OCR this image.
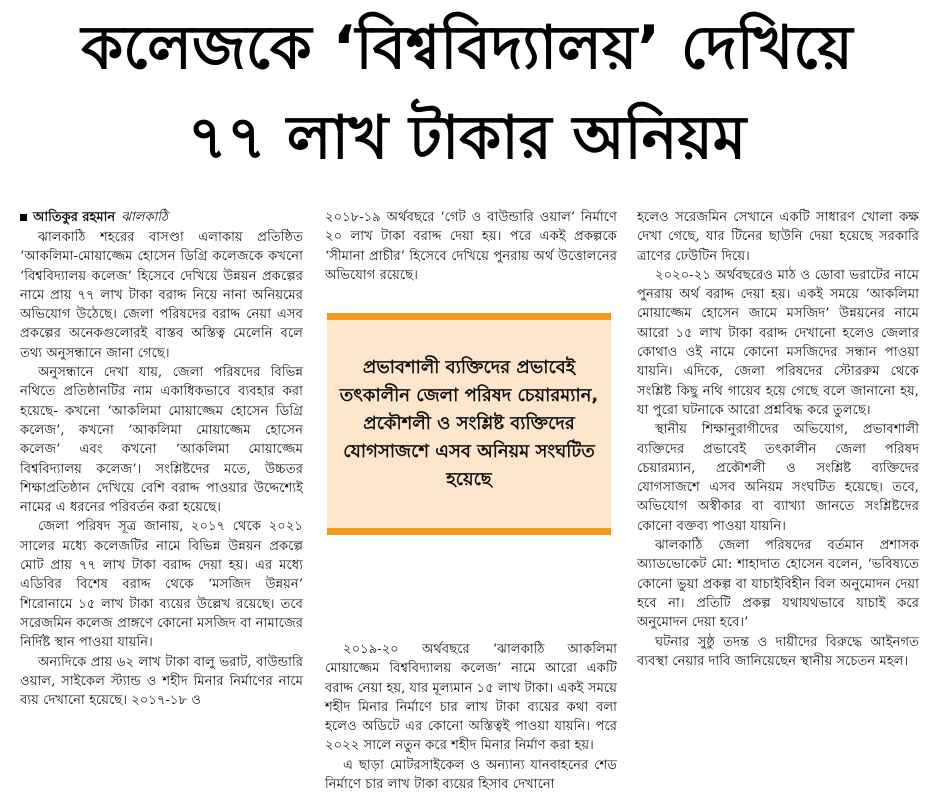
কলেজকে ‘বিশ্ববিদ্যালয়’ দেখিয়ে
৭৭ লাখ টাকার অনিয়ম

আতিকুর রহমান ঝালকাঠি

ঝালকাঠি শহরের বাসণ্ডা এলাকায় প্রতিষ্ঠিত ‘আকলিমা-মোয়াজ্জেম হোসেন ডিগ্রি কলেজকে কখনো ‘বিশ্ববিদ্যালয় কলেজ’ হিসেবে দেখিয়ে উন্নয়ন প্রকল্পের নামে প্রায় ৭৭ লাখ টাকা বরাদ্দ নিয়ে নানা অনিয়মের অভিযোগ উঠেছে। জেলা পরিষদের বরাদ্দ নেয়া এসব প্রকল্পের অনেকগুলোরই বাস্তব অস্তিত্ব মেলেনি বলে তথ্য অনুসন্ধানে জানা গেছে।

অনুসন্ধানে দেখা যায়, জেলা পরিষদের বিভিন্ন নথিতে প্রতিষ্ঠানটির নাম একাধিকভাবে ব্যবহার করা হয়েছে- কখনো ‘আকলিমা মোয়াজ্জেম হোসেন ডিগ্রি কলেজ’, কখনো ‘আকলিমা মোয়াজ্জেম হোসেন কলেজ’ এবং কখনো ‘আকলিমা মোয়াজ্জেম বিশ্ববিদ্যালয় কলেজ’। সংশ্লিষ্টদের মতে, উচ্চতর শিক্ষাপ্রতিষ্ঠান দেখিয়ে বেশি বরাদ্দ পাওয়ার উদ্দেশ্যেই নামের এ ধরনের পরিবর্তন করা হয়েছে।

জেলা পরিষদ সূত্র জানায়, ২০১৭ থেকে ২০২১ সালের মধ্যে কলেজটির নামে বিভিন্ন উন্নয়ন প্রকল্পে মোট প্রায় ৭৭ লাখ টাকা বরাদ্দ দেয়া হয়। এর মধ্যে এডিবির বিশেষ বরাদ্দ থেকে ‘মসজিদ উন্নয়ন’ শিরোনামে ১৫ লাখ টাকা ব্যয়ের উল্লেখ রয়েছে। তবে সরেজমিন কলেজ প্রাঙ্গণে কোনো মসজিদ বা নামাজের নির্দিষ্ট স্থান পাওয়া যায়নি।

অন্যদিকে প্রায় ৬২ লাখ টাকা বালু ভরাট, বাউন্ডারি ওয়াল, সাইকেল স্ট্যান্ড ও শহীদ মিনার নির্মাণের নামে ব্যয় দেখানো হয়েছে। ২০১৭-১৮ ও

২০১৮-১৯ অর্থবছরে ‘গেট ও বাউন্ডারি ওয়াল’ নির্মাণে ২০ লাখ টাকা বরাদ্দ দেয়া হয়। পরে একই প্রকল্পকে ‘সীমানা প্রাচীর’ হিসেবে দেখিয়ে পুনরায় অর্থ উত্তোলনের অভিযোগ রয়েছে।

২০১৯-২০ অর্থবছরে ‘ঝালকাঠি আকলিমা মোয়াজ্জেম বিশ্ববিদ্যালয় কলেজ’ নামে আরো একটি বরাদ্দ নেয়া হয়, যার মূল্যমান ১৫ লাখ টাকা। একই সময়ে শহীদ মিনার নির্মাণে চার লাখ টাকা ব্যয়ের কথা বলা হলেও অডিটে এর কোনো অস্তিত্বই পাওয়া যায়নি। পরে ২০২২ সালে নতুন করে শহীদ মিনার নির্মাণ করা হয়।

এ ছাড়া মোটরসাইকেল ও অন্যান্য যানবাহনের শেড নির্মাণে চার লাখ টাকা ব্যয়ের হিসাব দেখানো

প্রভাবশালী ব্যক্তিদের প্রভাবেই তৎকালীন জেলা পরিষদ চেয়ারম্যান, প্রকৌশলী ও সংশ্লিষ্ট ব্যক্তিদের যোগসাজশে এসব অনিয়ম সংঘটিত হয়েছে

হলেও সরেজমিন সেখানে একটি সাধারণ খোলা কক্ষ দেখা গেছে, যার টিনের ছাউনি দেয়া হয়েছে সরকারি ত্রাণের ঢেউটিন দিয়ে।

২০২০-২১ অর্থবছরেও মাঠ ও ডোবা ভরাটের নামে পুনরায় অর্থ বরাদ্দ দেয়া হয়। একই সময়ে ‘আকলিমা মোয়াজ্জেম হোসেন জামে মসজিদ’ উন্নয়নের নামে আরো ১৫ লাখ টাকা বরাদ্দ দেখানো হলেও জেলার কোথাও ওই নামে কোনো মসজিদের সন্ধান পাওয়া যায়নি। এদিকে, জেলা পরিষদের স্টোররুম থেকে সংশ্লিষ্ট কিছু নথি গায়েব হয়ে গেছে বলে জানানো হয়, যা পুরো ঘটনাকে আরো প্রশ্নবিদ্ধ করে তুলছে।

স্থানীয় শিক্ষানুরাগীদের অভিযোগ, প্রভাবশালী ব্যক্তিদের প্রভাবেই তৎকালীন জেলা পরিষদ চেয়ারম্যান, প্রকৌশলী ও সংশ্লিষ্ট ব্যক্তিদের যোগসাজশে এসব অনিয়ম সংঘটিত হয়েছে। তবে, অভিযোগ অস্বীকার বা ব্যাখ্যা জানতে সংশ্লিষ্টদের কোনো বক্তব্য পাওয়া যায়নি।

ঝালকাঠি জেলা পরিষদের বর্তমান প্রশাসক অ্যাডভোকেট মো: শাহাদাত হোসেন বলেন, ‘ভবিষ্যতে কোনো ভুয়া প্রকল্প বা যাচাইবিহীন বিল অনুমোদন দেয়া হবে না। প্রতিটি প্রকল্প যথাযথভাবে যাচাই করে অনুমোদন দেয়া হবে।’

ঘটনার সুষ্ঠু তদন্ত ও দায়ীদের বিরুদ্ধে আইনগত ব্যবস্থা নেয়ার দাবি জানিয়েছেন স্থানীয় সচেতন মহল।
